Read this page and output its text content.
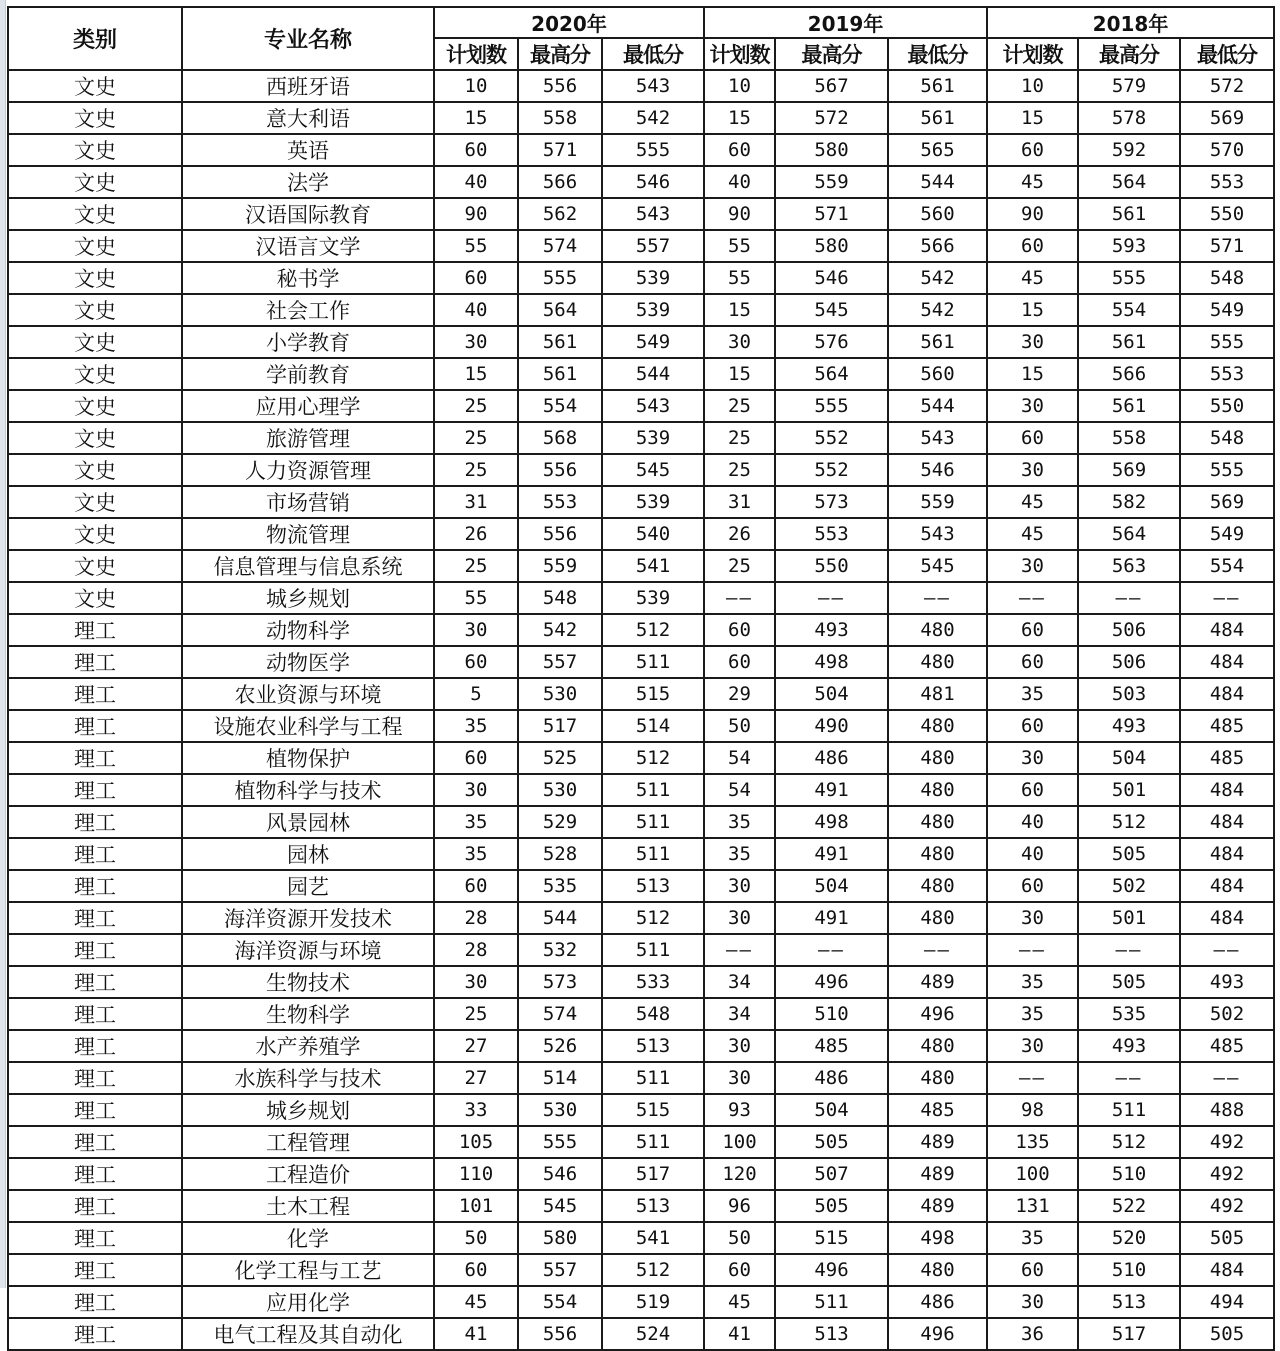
类别	专业名称	2020年			2019年			2018年		
		计划数	最高分	最低分	计划数	最高分	最低分	计划数	最高分	最低分
文史	西班牙语	10	556	543	10	567	561	10	579	572
文史	意大利语	15	558	542	15	572	561	15	578	569
文史	英语	60	571	555	60	580	565	60	592	570
文史	法学	40	566	546	40	559	544	45	564	553
文史	汉语国际教育	90	562	543	90	571	560	90	561	550
文史	汉语言文学	55	574	557	55	580	566	60	593	571
文史	秘书学	60	555	539	55	546	542	45	555	548
文史	社会工作	40	564	539	15	545	542	15	554	549
文史	小学教育	30	561	549	30	576	561	30	561	555
文史	学前教育	15	561	544	15	564	560	15	566	553
文史	应用心理学	25	554	543	25	555	544	30	561	550
文史	旅游管理	25	568	539	25	552	543	60	558	548
文史	人力资源管理	25	556	545	25	552	546	30	569	555
文史	市场营销	31	553	539	31	573	559	45	582	569
文史	物流管理	26	556	540	26	553	543	45	564	549
文史	信息管理与信息系统	25	559	541	25	550	545	30	563	554
文史	城乡规划	55	548	539	——	——	——	——	——	——
理工	动物科学	30	542	512	60	493	480	60	506	484
理工	动物医学	60	557	511	60	498	480	60	506	484
理工	农业资源与环境	5	530	515	29	504	481	35	503	484
理工	设施农业科学与工程	35	517	514	50	490	480	60	493	485
理工	植物保护	60	525	512	54	486	480	30	504	485
理工	植物科学与技术	30	530	511	54	491	480	60	501	484
理工	风景园林	35	529	511	35	498	480	40	512	484
理工	园林	35	528	511	35	491	480	40	505	484
理工	园艺	60	535	513	30	504	480	60	502	484
理工	海洋资源开发技术	28	544	512	30	491	480	30	501	484
理工	海洋资源与环境	28	532	511	——	——	——	——	——	——
理工	生物技术	30	573	533	34	496	489	35	505	493
理工	生物科学	25	574	548	34	510	496	35	535	502
理工	水产养殖学	27	526	513	30	485	480	30	493	485
理工	水族科学与技术	27	514	511	30	486	480	——	——	——
理工	城乡规划	33	530	515	93	504	485	98	511	488
理工	工程管理	105	555	511	100	505	489	135	512	492
理工	工程造价	110	546	517	120	507	489	100	510	492
理工	土木工程	101	545	513	96	505	489	131	522	492
理工	化学	50	580	541	50	515	498	35	520	505
理工	化学工程与工艺	60	557	512	60	496	480	60	510	484
理工	应用化学	45	554	519	45	511	486	30	513	494
理工	电气工程及其自动化	41	556	524	41	513	496	36	517	505
